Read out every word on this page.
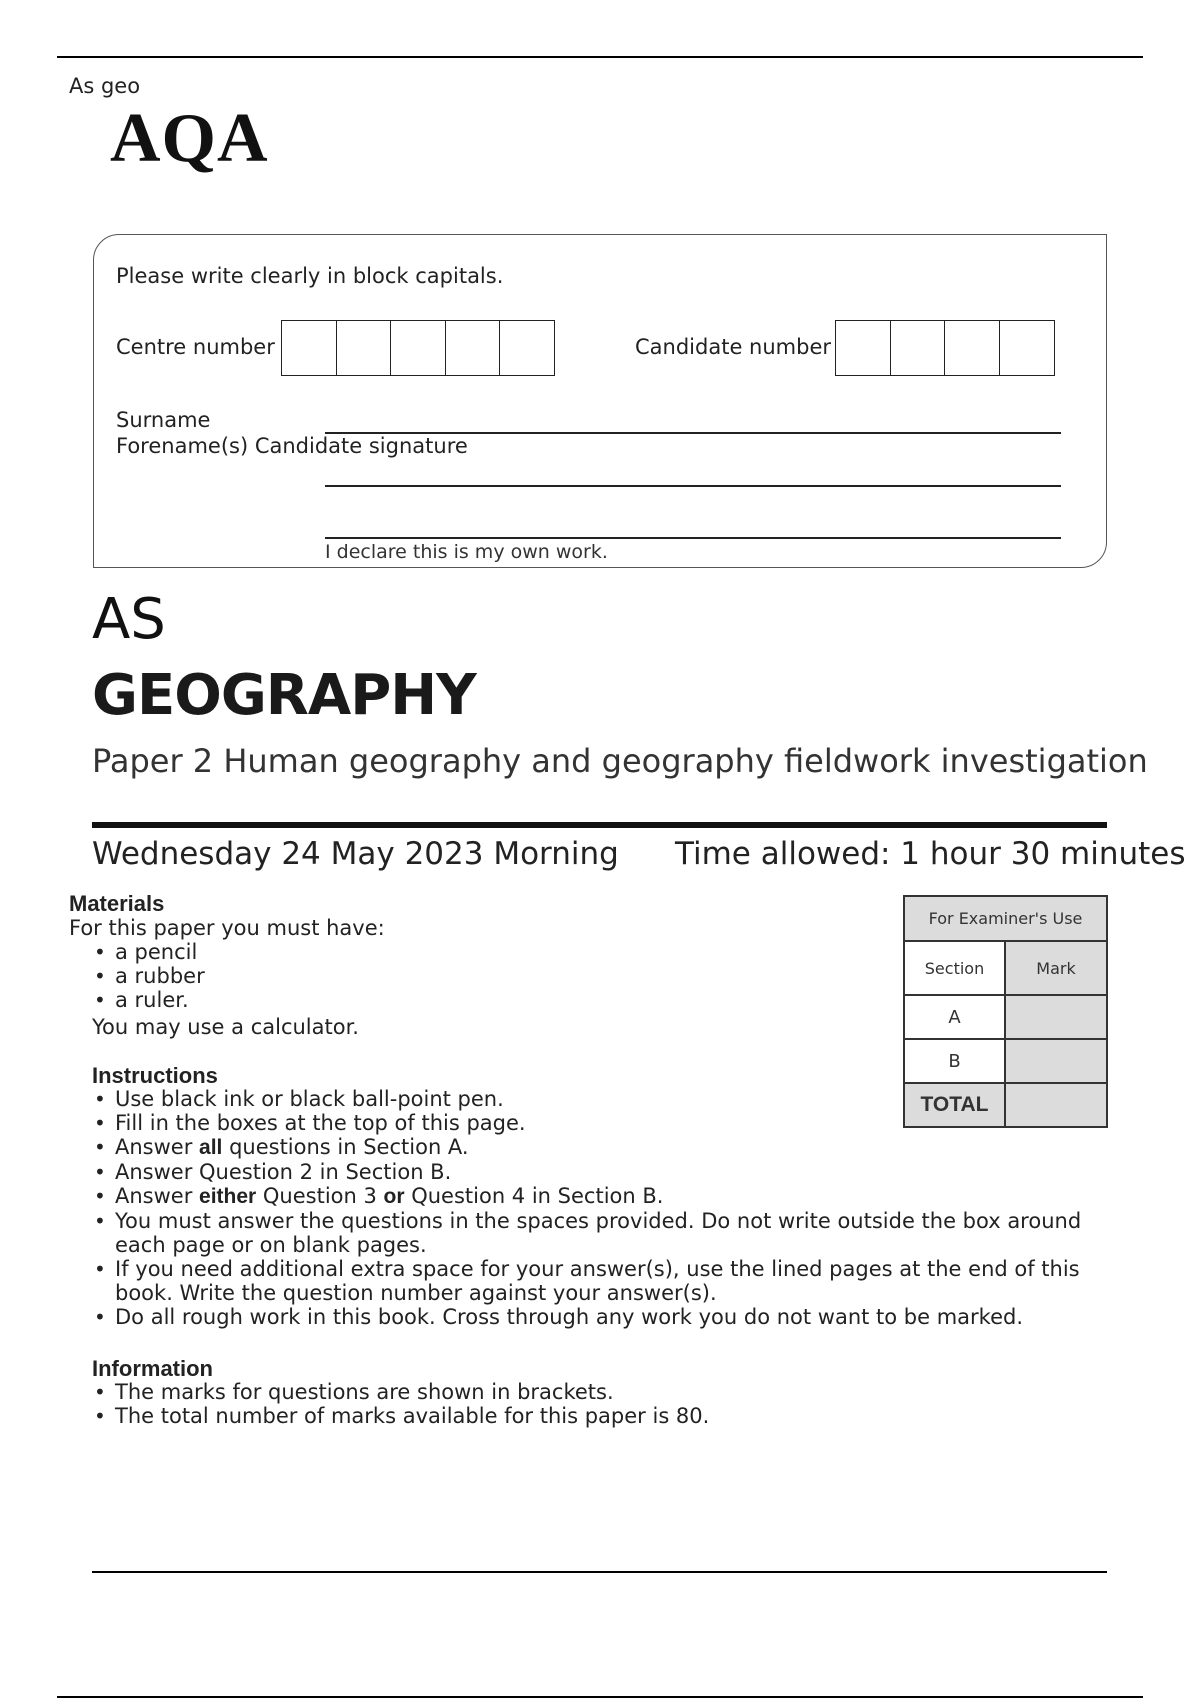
As geo
AQA
Please write clearly in block capitals.
Centre number	Candidate number
Surname
Forename(s) Candidate signature
I declare this is my own work.
AS
GEOGRAPHY
Paper 2 Human geography and geography fieldwork investigation
Wednesday 24 May 2023 Morning Time allowed: 1 hour 30 minutes
Materials
For this paper you must have:
• a pencil
• a rubber
• a ruler.
You may use a calculator.
Instructions
• Use black ink or black ball-point pen.
• Fill in the boxes at the top of this page.
• Answer all questions in Section A.
• Answer Question 2 in Section B.
• Answer either Question 3 or Question 4 in Section B.
• You must answer the questions in the spaces provided. Do not write outside the box around each page or on blank pages.
• If you need additional extra space for your answer(s), use the lined pages at the end of this book. Write the question number against your answer(s).
• Do all rough work in this book. Cross through any work you do not want to be marked.
Information
• The marks for questions are shown in brackets.
• The total number of marks available for this paper is 80.
For Examiner's Use	
Section	Mark
A	
B	
TOTAL	
